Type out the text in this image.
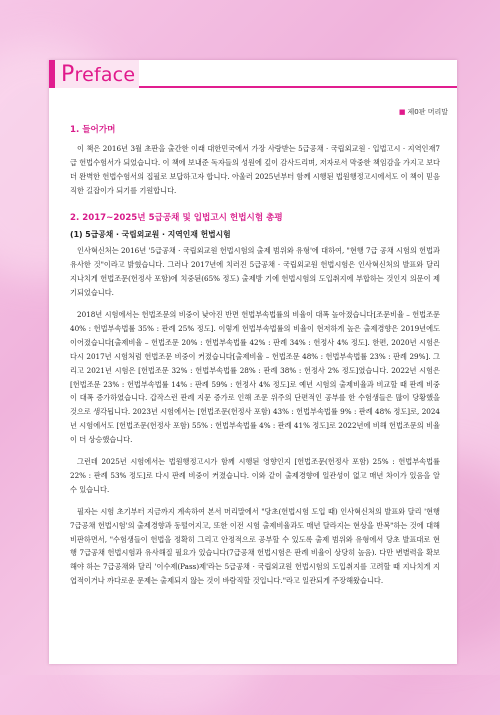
Preface
■ 제0판 머리말
1. 들어가며

이 책은 2016년 3월 초판을 출간한 이래 대한민국에서 가장 사랑받는 5급공채 · 국립외교원 · 입법고시 · 지역인재7급 헌법수험서가 되었습니다. 이 책에 보내준 독자들의 성원에 깊이 감사드리며, 저자로서 막중한 책임감을 가지고 보다 더 완벽한 헌법수험서의 집필로 보답하고자 합니다. 아울러 2025년부터 함께 시행된 법원행정고시에서도 이 책이 믿음직한 길잡이가 되기를 기원합니다.

2. 2017~2025년 5급공채 및 입법고시 헌법시험 총평
(1) 5급공채 · 국립외교원 · 지역인재 헌법시험

인사혁신처는 2016년 '5급공채 · 국립외교원 헌법시험의 출제 범위와 유형'에 대하여, "현행 7급 공채 시험의 헌법과 유사한 것"이라고 밝혔습니다. 그러나 2017년에 치러진 5급공채 · 국립외교원 헌법시험은 인사혁신처의 발표와 달리 지나치게 헌법조문(헌정사 포함)에 치중된(65% 정도) 출제방 기에 헌법시험의 도입취지에 부합하는 것인지 의문이 제기되었습니다.

2018년 시험에서는 헌법조문의 비중이 낮아진 반면 헌법부속법률의 비율이 대폭 높아졌습니다[조문비율 – 헌법조문 40% : 헌법부속법률 35% : 판례 25% 정도]. 이렇게 헌법부속법률의 비율이 현저하게 높은 출제경향은 2019년에도 이어졌습니다[출제비율 – 헌법조문 20% : 헌법부속법률 42% : 판례 34% : 헌정사 4% 정도]. 한편, 2020년 시험은 다시 2017년 시험처럼 헌법조문 비중이 커졌습니다[출제비율 – 헌법조문 48% : 헌법부속법률 23% : 판례 29%]. 그리고 2021년 시험은 [헌법조문 32% : 헌법부속법률 28% : 판례 38% : 헌정사 2% 정도]였습니다. 2022년 시험은 [헌법조문 23% : 헌법부속법률 14% : 판례 59% : 헌정사 4% 정도]로 예년 시험의 출제비율과 비교할 때 판례 비중이 대폭 증가하였습니다. 갑작스런 판례 지문 증가로 인해 조문 위주의 단편적인 공부를 한 수험생들은 많이 당황했을 것으로 생각됩니다. 2023년 시험에서는 [헌법조문(헌정사 포함) 43% : 헌법부속법률 9% : 판례 48% 정도]로, 2024년 시험에서도 [헌법조문(헌정사 포함) 55% : 헌법부속법률 4% : 판례 41% 정도]로 2022년에 비해 헌법조문의 비율이 더 상승했습니다.

그런데 2025년 시험에서는 법원행정고시가 함께 시행된 영향인지 [헌법조문(헌정사 포함) 25% : 헌법부속법률 22% : 판례 53% 정도]로 다시 판례 비중이 커졌습니다. 이와 같이 출제경향에 일관성이 없고 매년 차이가 있음을 알 수 있습니다.

필자는 시험 초기부터 지금까지 계속하여 본서 머리말에서 "당초(헌법시험 도입 때) 인사혁신처의 발표와 달리 '현행 7급공채 헌법시험'의 출제경향과 동떨어지고, 또한 이전 시험 출제비율과도 매년 달라지는 현상을 반복"하는 것에 대해 비판하면서, "수험생들이 헌법을 정확히 그리고 안정적으로 공부할 수 있도록 출제 범위와 유형에서 당초 발표대로 현행 7급공채 헌법시험과 유사해질 필요가 있습니다(7급공채 헌법시험은 판례 비율이 상당히 높음). 다만 변별력을 확보해야 하는 7급공채와 달리 '이수제(Pass)제'라는 5급공채 · 국립외교원 헌법시험의 도입취지를 고려할 때 지나치게 지엽적이거나 까다로운 문제는 출제되지 않는 것이 바람직할 것입니다."라고 일관되게 주장해왔습니다.
